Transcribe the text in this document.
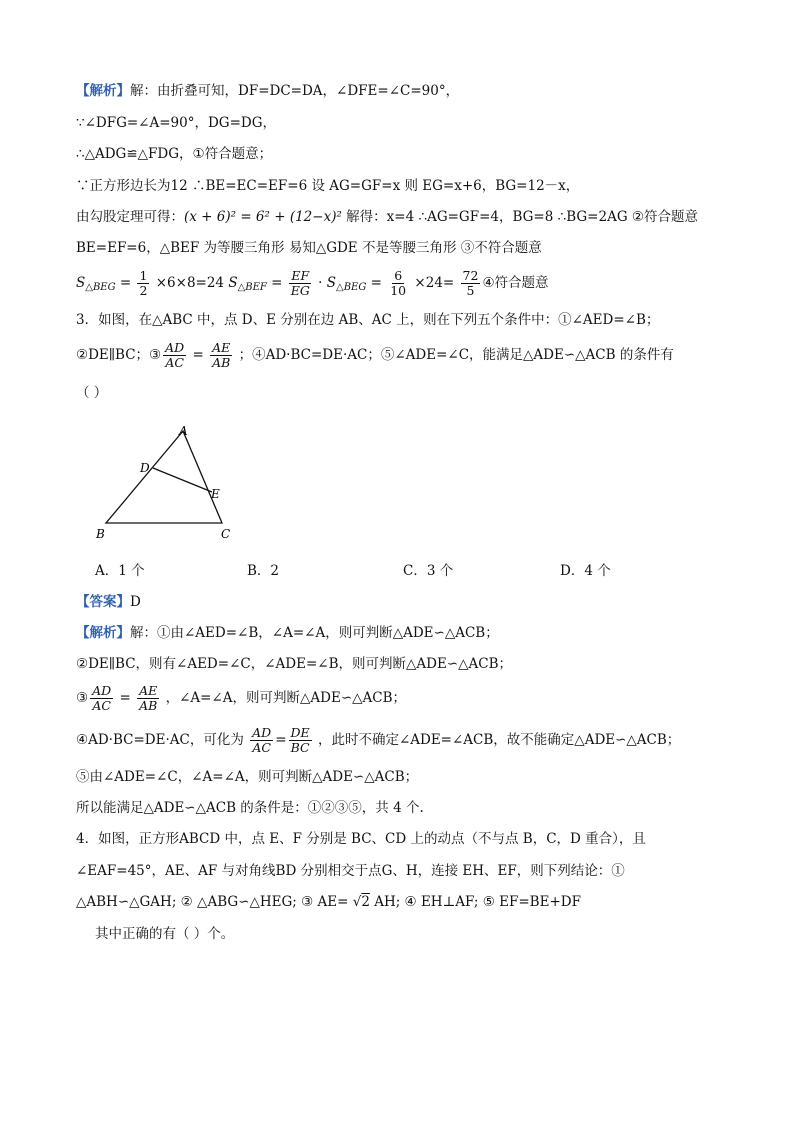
【解析】解：由折叠可知，DF=DC=DA，∠DFE=∠C=90°，
∵∠DFG=∠A=90°，DG=DG，
∴△ADG≌△FDG，①符合题意；
∵正方形边长为12 ∴BE=EC=EF=6 设 AG=GF=x 则 EG=x+6，BG=12－x，
由勾股定理可得：(x + 6)² = 6² + (12−x)² 解得：x=4 ∴AG=GF=4，BG=8 ∴BG=2AG ②符合题意
BE=EF=6，△BEF 为等腰三角形 易知△GDE 不是等腰三角形 ③不符合题意
$S_{\triangle BEG} = \frac{1}{2} \times 6\times 8=24$ $S_{\triangle BEF} = \frac{EF}{EG} \cdot S_{\triangle BEG} = \frac{6}{10} \times 24= \frac{72}{5}$ ④符合题意
3．如图，在△ABC 中，点 D、E 分别在边 AB、AC 上，则在下列五个条件中：①∠AED=∠B；
②DE∥BC；③ $\frac{AD}{AC} = \frac{AE}{AB}$ ；④AD·BC=DE·AC；⑤∠ADE=∠C，能满足△ADE∽△ACB 的条件有
（ ）
A
D
E
B	C
A．1 个	B．2	C．3 个	D．4 个
【答案】D
【解析】解：①由∠AED=∠B，∠A=∠A，则可判断△ADE∽△ACB；
②DE∥BC，则有∠AED=∠C，∠ADE=∠B，则可判断△ADE∽△ACB；
③ $\frac{AD}{AC} = \frac{AE}{AB}$ ，∠A=∠A，则可判断△ADE∽△ACB；
④AD·BC=DE·AC，可化为 $\frac{AD}{AC} = \frac{DE}{BC}$ ，此时不确定∠ADE=∠ACB，故不能确定△ADE∽△ACB；
⑤由∠ADE=∠C，∠A=∠A，则可判断△ADE∽△ACB；
所以能满足△ADE∽△ACB 的条件是：①②③⑤，共 4 个.
4．如图，正方形ABCD 中，点 E、F 分别是 BC、CD 上的动点（不与点 B，C，D 重合），且
∠EAF=45°，AE、AF 与对角线BD 分别相交于点G、H，连接 EH、EF，则下列结论：①
△ABH∽△GAH; ② △ABG∽△HEG; ③ AE= √2 AH; ④ EH⊥AF; ⑤ EF=BE+DF
其中正确的有（ ）个。
